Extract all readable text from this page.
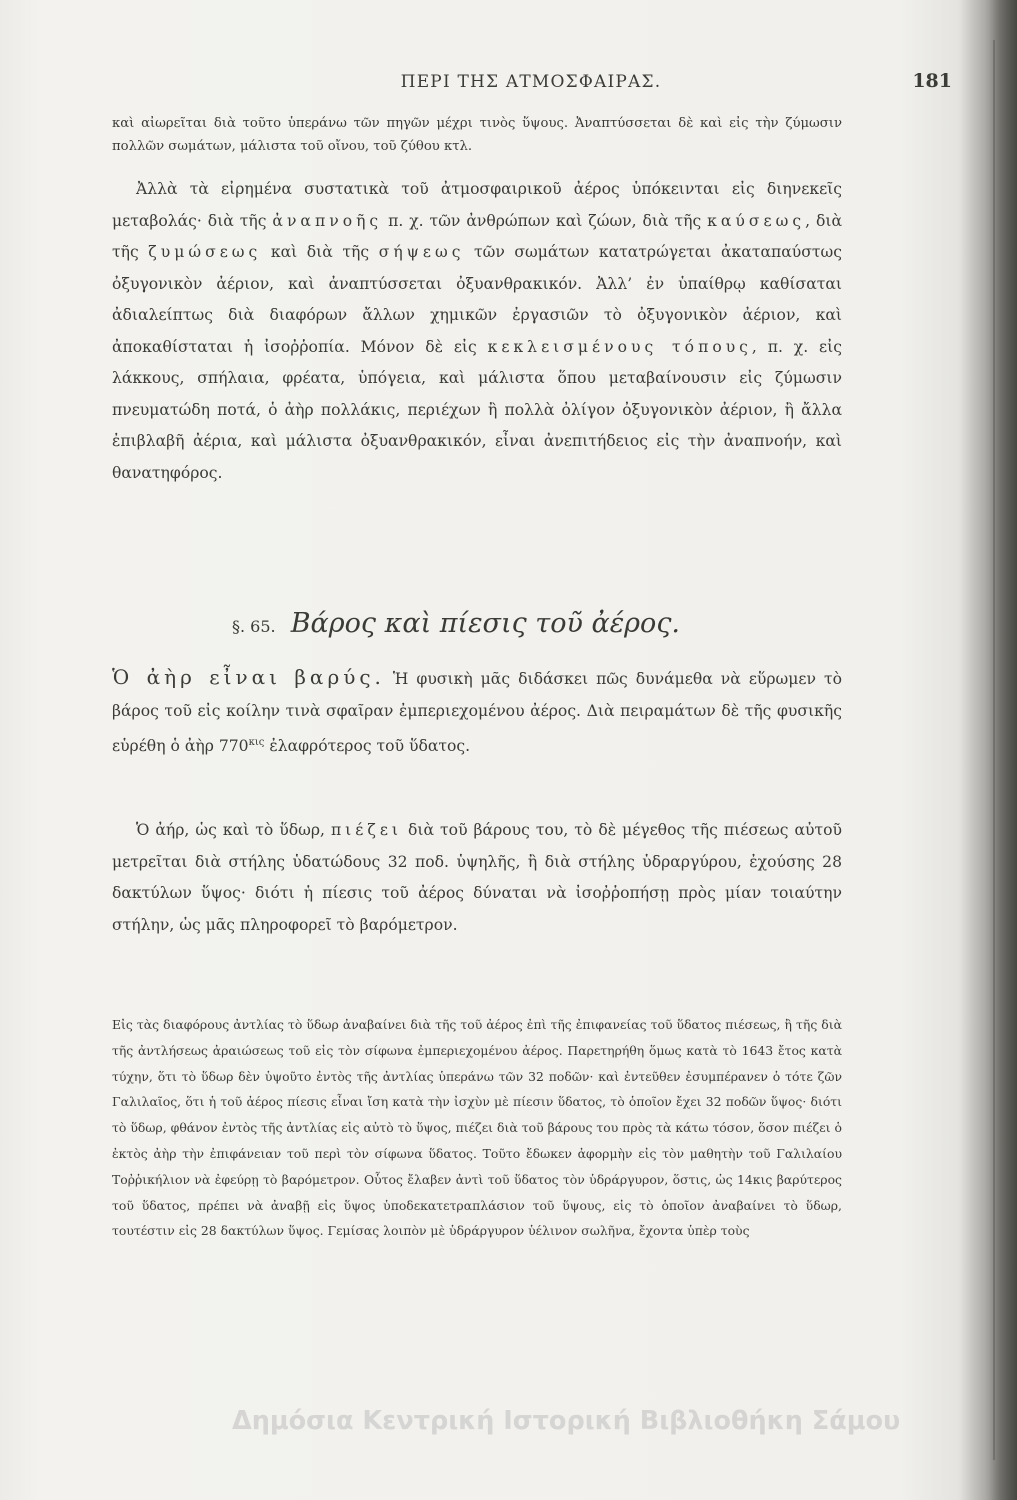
ΠΕΡΙ ΤΗΣ ΑΤΜΟΣΦΑΙΡΑΣ.	181

καὶ αἰωρεῖται διὰ τοῦτο ὑπεράνω τῶν πηγῶν μέχρι τινὸς ὕψους. Ἀναπτύσσεται δὲ καὶ εἰς τὴν ζύμωσιν πολλῶν σωμάτων, μάλιστα τοῦ οἴνου, τοῦ ζύθου κτλ.

Ἀλλὰ τὰ εἰρημένα συστατικὰ τοῦ ἀτμοσφαιρικοῦ ἀέρος ὑπόκεινται εἰς διηνεκεῖς μεταβολάς· διὰ τῆς ἀναπνοῆς π. χ. τῶν ἀνθρώπων καὶ ζώων, διὰ τῆς καύσεως, διὰ τῆς ζυμώσεως καὶ διὰ τῆς σήψεως τῶν σωμάτων κατατρώγεται ἀκαταπαύστως ὀξυγονικὸν ἀέριον, καὶ ἀναπτύσσεται ὀξυανθρακικόν. Ἀλλ’ ἐν ὑπαίθρῳ καθίσαται ἀδιαλείπτως διὰ διαφόρων ἄλλων χημικῶν ἐργασιῶν τὸ ὀξυγονικὸν ἀέριον, καὶ ἀποκαθίσταται ἡ ἰσοῤῥοπία. Μόνον δὲ εἰς κεκλεισμένους τόπους, π. χ. εἰς λάκκους, σπήλαια, φρέατα, ὑπόγεια, καὶ μάλιστα ὅπου μεταβαίνουσιν εἰς ζύμωσιν πνευματώδη ποτά, ὁ ἀὴρ πολλάκις, περιέχων ἢ πολλὰ ὀλίγον ὀξυγονικὸν ἀέριον, ἢ ἄλλα ἐπιβλαβῆ ἀέρια, καὶ μάλιστα ὀξυανθρακικόν, εἶναι ἀνεπιτήδειος εἰς τὴν ἀναπνοήν, καὶ θανατηφόρος.

§. 65. Βάρος καὶ πίεσις τοῦ ἀέρος.

Ὁ ἀὴρ εἶναι βαρύς. Ἡ φυσικὴ μᾶς διδάσκει πῶς δυνάμεθα νὰ εὕρωμεν τὸ βάρος τοῦ εἰς κοίλην τινὰ σφαῖραν ἐμπεριεχομένου ἀέρος. Διὰ πειραμάτων δὲ τῆς φυσικῆς εὑρέθη ὁ ἀὴρ $770^{\kappa\iota\varsigma}$ ἐλαφρότερος τοῦ ὕδατος.

Ὁ ἀήρ, ὡς καὶ τὸ ὕδωρ, πιέζει διὰ τοῦ βάρους του, τὸ δὲ μέγεθος τῆς πιέσεως αὐτοῦ μετρεῖται διὰ στήλης ὑδατώδους 32 ποδ. ὑψηλῆς, ἢ διὰ στήλης ὑδραργύρου, ἐχούσης 28 δακτύλων ὕψος· διότι ἡ πίεσις τοῦ ἀέρος δύναται νὰ ἰσοῤῥοπήσῃ πρὸς μίαν τοιαύτην στήλην, ὡς μᾶς πληροφορεῖ τὸ βαρόμετρον.

Εἰς τὰς διαφόρους ἀντλίας τὸ ὕδωρ ἀναβαίνει διὰ τῆς τοῦ ἀέρος ἐπὶ τῆς ἐπιφανείας τοῦ ὕδατος πιέσεως, ἢ τῆς διὰ τῆς ἀντλήσεως ἀραιώσεως τοῦ εἰς τὸν σίφωνα ἐμπεριεχομένου ἀέρος. Παρετηρήθη ὅμως κατὰ τὸ 1643 ἔτος κατὰ τύχην, ὅτι τὸ ὕδωρ δὲν ὑψοῦτο ἐντὸς τῆς ἀντλίας ὑπεράνω τῶν 32 ποδῶν· καὶ ἐντεῦθεν ἐσυμπέρανεν ὁ τότε ζῶν Γαλιλαῖος, ὅτι ἡ τοῦ ἀέρος πίεσις εἶναι ἴση κατὰ τὴν ἰσχὺν μὲ πίεσιν ὕδατος, τὸ ὁποῖον ἔχει 32 ποδῶν ὕψος· διότι τὸ ὕδωρ, φθάνον ἐντὸς τῆς ἀντλίας εἰς αὐτὸ τὸ ὕψος, πιέζει διὰ τοῦ βάρους του πρὸς τὰ κάτω τόσον, ὅσον πιέζει ὁ ἐκτὸς ἀὴρ τὴν ἐπιφάνειαν τοῦ περὶ τὸν σίφωνα ὕδατος. Τοῦτο ἔδωκεν ἀφορμὴν εἰς τὸν μαθητὴν τοῦ Γαλιλαίου Τοῤῥικήλιον νὰ ἐφεύρῃ τὸ βαρόμετρον. Οὗτος ἔλαβεν ἀντὶ τοῦ ὕδατος τὸν ὑδράργυρον, ὅστις, ὡς 14κις βαρύτερος τοῦ ὕδατος, πρέπει νὰ ἀναβῇ εἰς ὕψος ὑποδεκατετραπλάσιον τοῦ ὕψους, εἰς τὸ ὁποῖον ἀναβαίνει τὸ ὕδωρ, τουτέστιν εἰς 28 δακτύλων ὕψος. Γεμίσας λοιπὸν μὲ ὑδράργυρον ὑέλινον σωλῆνα, ἔχοντα ὑπὲρ τοὺς

Δημόσια Κεντρική Ιστορική Βιβλιοθήκη Σάμου
